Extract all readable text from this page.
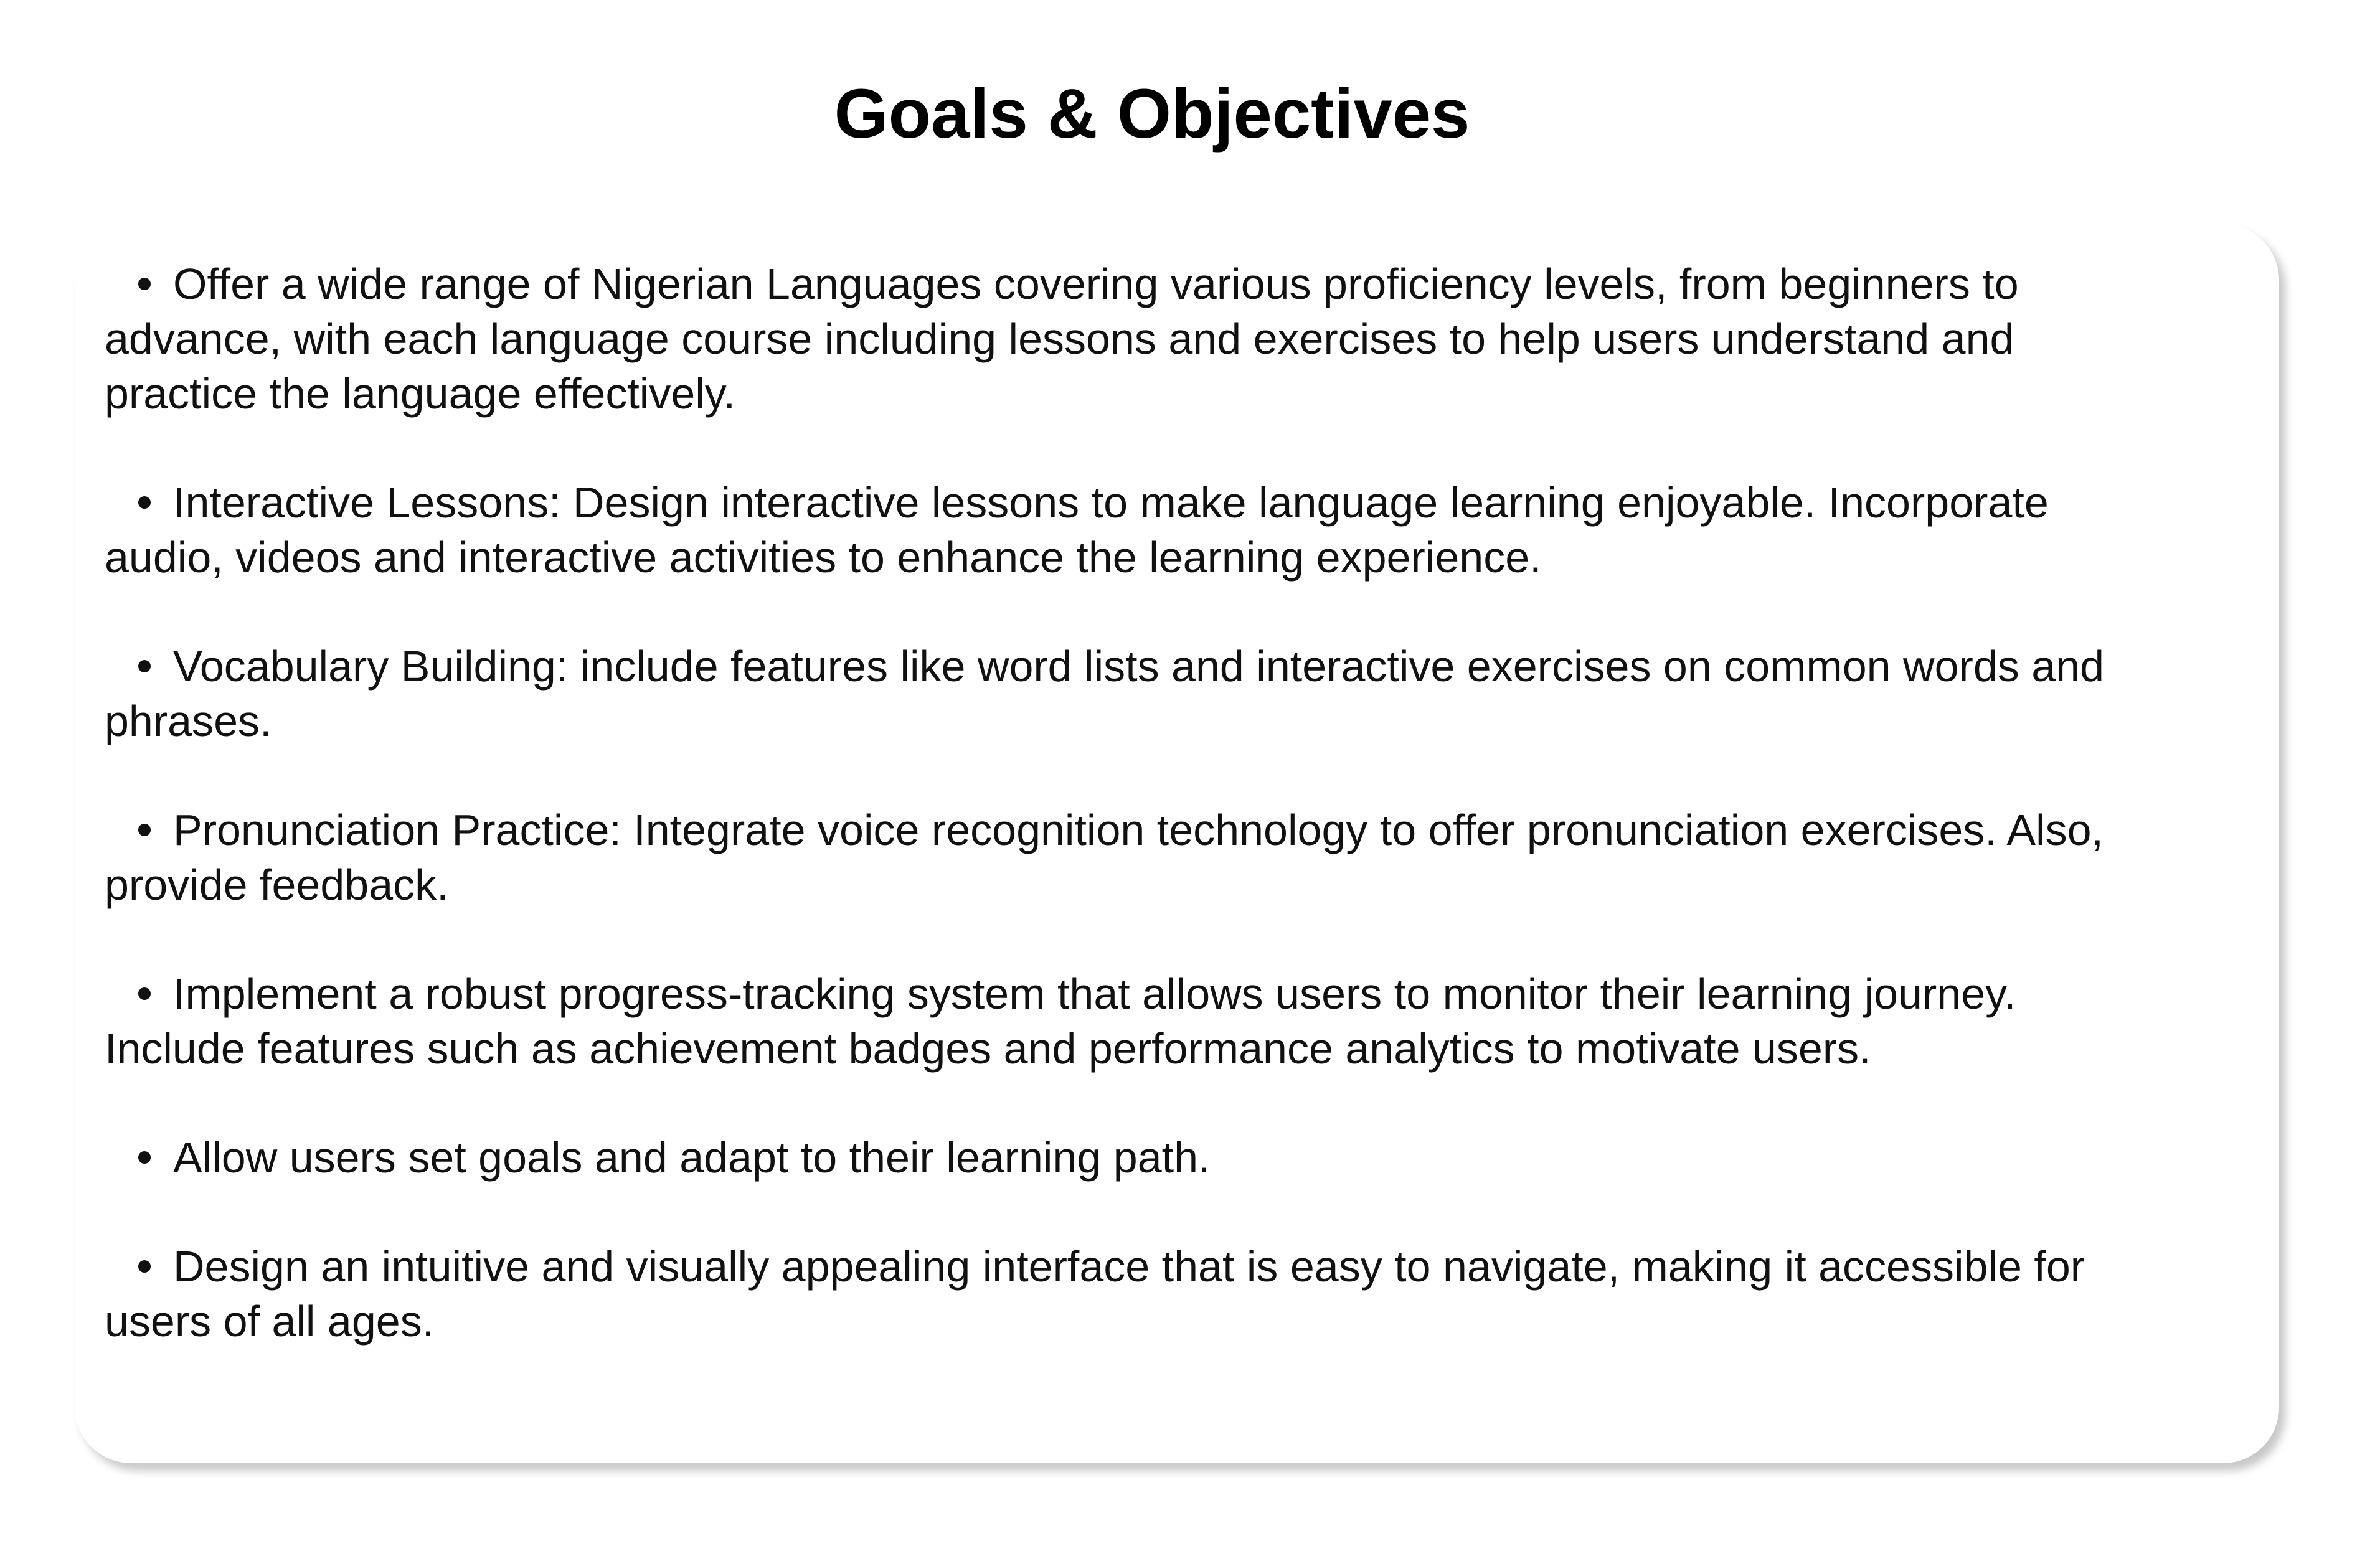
Goals & Objectives
Offer a wide range of Nigerian Languages covering various proficiency levels, from beginners to advance, with each language course including lessons and exercises to help users understand and practice the language effectively.
Interactive Lessons: Design interactive lessons to make language learning enjoyable. Incorporate audio, videos and interactive activities to enhance the learning experience.
Vocabulary Building: include features like word lists and interactive exercises on common words and phrases.
Pronunciation Practice: Integrate voice recognition technology to offer pronunciation exercises. Also, provide feedback.
Implement a robust progress-tracking system that allows users to monitor their learning journey. Include features such as achievement badges and performance analytics to motivate users.
Allow users set goals and adapt to their learning path.
Design an intuitive and visually appealing interface that is easy to navigate, making it accessible for users of all ages.
